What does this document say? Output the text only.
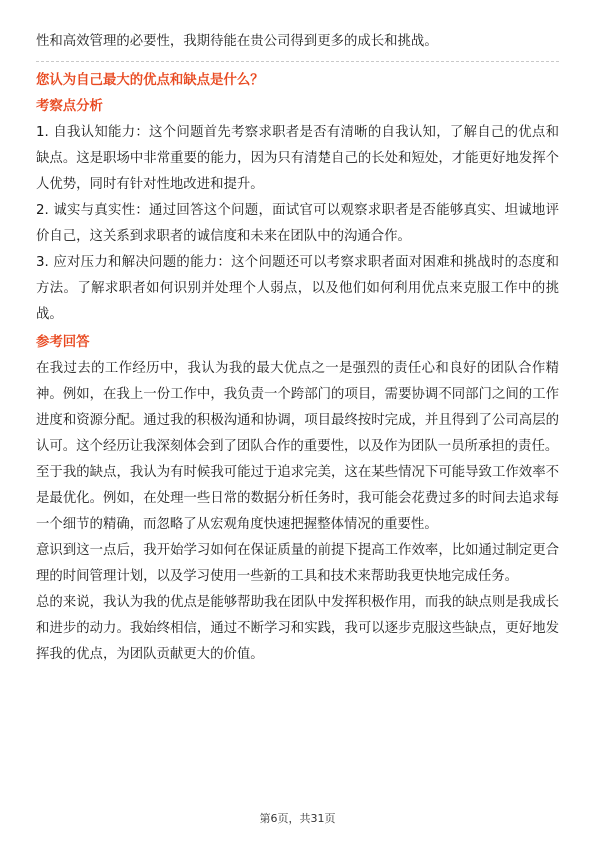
性和高效管理的必要性，我期待能在贵公司得到更多的成长和挑战。

您认为自己最大的优点和缺点是什么？

考察点分析

1. 自我认知能力：这个问题首先考察求职者是否有清晰的自我认知，了解自己的优点和缺点。这是职场中非常重要的能力，因为只有清楚自己的长处和短处，才能更好地发挥个人优势，同时有针对性地改进和提升。

2. 诚实与真实性：通过回答这个问题，面试官可以观察求职者是否能够真实、坦诚地评价自己，这关系到求职者的诚信度和未来在团队中的沟通合作。

3. 应对压力和解决问题的能力：这个问题还可以考察求职者面对困难和挑战时的态度和方法。了解求职者如何识别并处理个人弱点，以及他们如何利用优点来克服工作中的挑战。

参考回答

在我过去的工作经历中，我认为我的最大优点之一是强烈的责任心和良好的团队合作精神。例如，在我上一份工作中，我负责一个跨部门的项目，需要协调不同部门之间的工作进度和资源分配。通过我的积极沟通和协调，项目最终按时完成，并且得到了公司高层的认可。这个经历让我深刻体会到了团队合作的重要性，以及作为团队一员所承担的责任。

至于我的缺点，我认为有时候我可能过于追求完美，这在某些情况下可能导致工作效率不是最优化。例如，在处理一些日常的数据分析任务时，我可能会花费过多的时间去追求每一个细节的精确，而忽略了从宏观角度快速把握整体情况的重要性。

意识到这一点后，我开始学习如何在保证质量的前提下提高工作效率，比如通过制定更合理的时间管理计划，以及学习使用一些新的工具和技术来帮助我更快地完成任务。

总的来说，我认为我的优点是能够帮助我在团队中发挥积极作用，而我的缺点则是我成长和进步的动力。我始终相信，通过不断学习和实践，我可以逐步克服这些缺点，更好地发挥我的优点，为团队贡献更大的价值。

第6页，共31页
